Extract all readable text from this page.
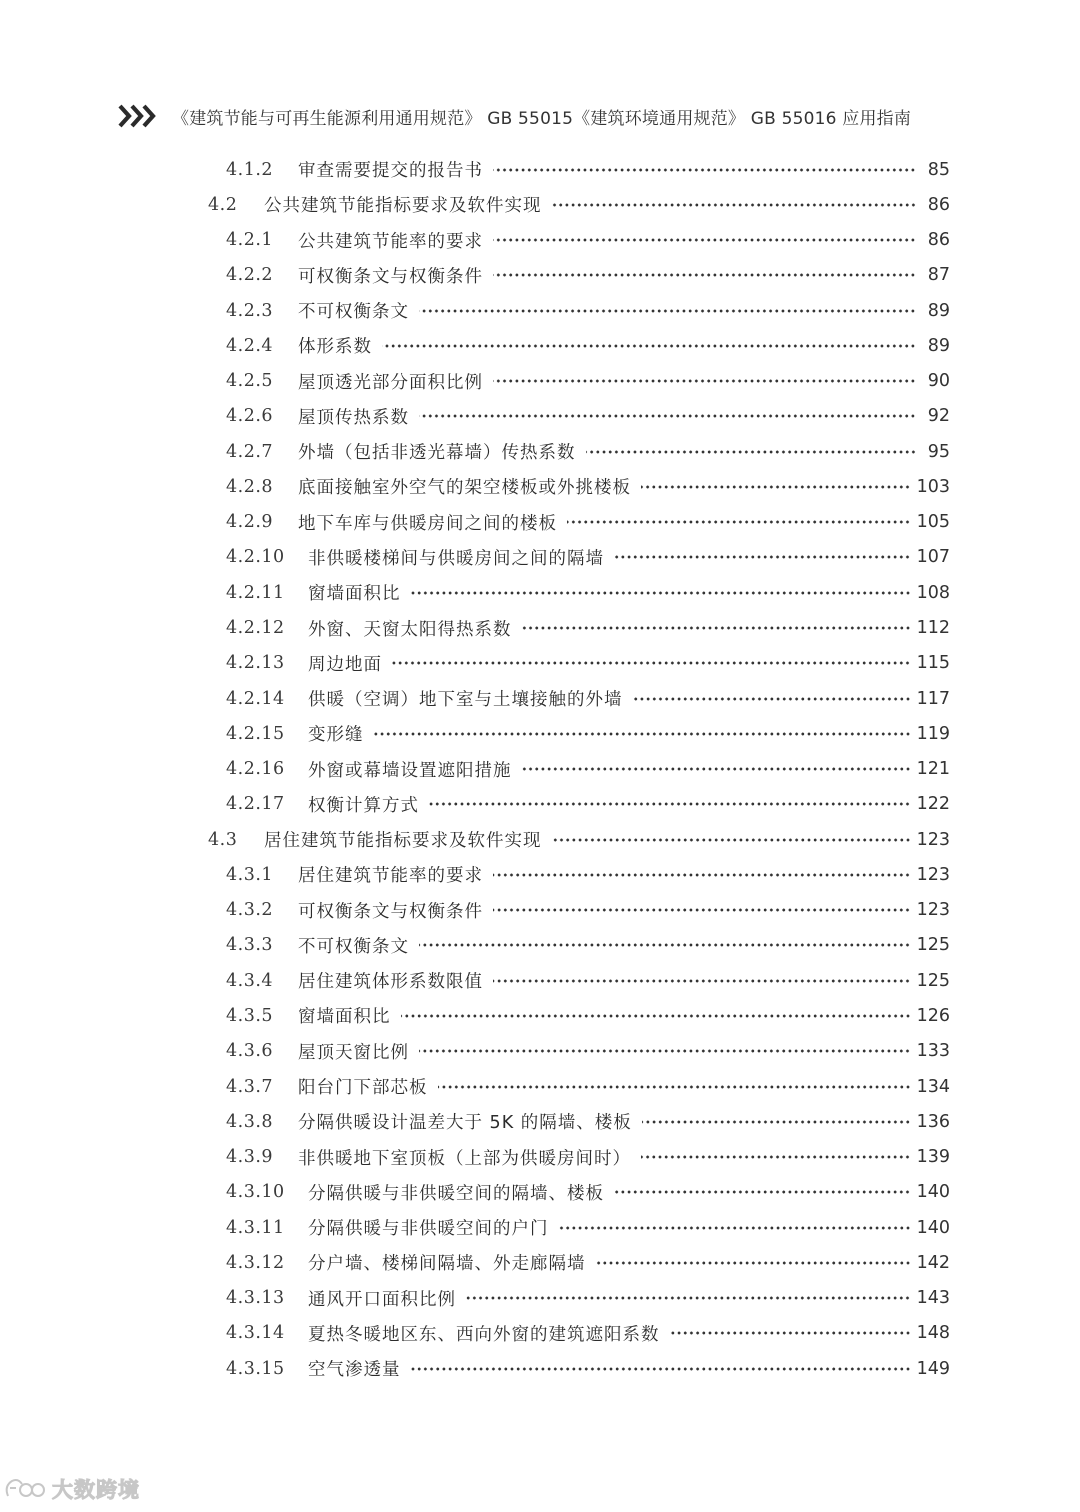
《建筑节能与可再生能源利用通用规范》 GB 55015《建筑环境通用规范》 GB 55016 应用指南
4.1.2	审查需要提交的报告书	85
4.2	公共建筑节能指标要求及软件实现	86
4.2.1	公共建筑节能率的要求	86
4.2.2	可权衡条文与权衡条件	87
4.2.3	不可权衡条文	89
4.2.4	体形系数	89
4.2.5	屋顶透光部分面积比例	90
4.2.6	屋顶传热系数	92
4.2.7	外墙（包括非透光幕墙）传热系数	95
4.2.8	底面接触室外空气的架空楼板或外挑楼板	103
4.2.9	地下车库与供暖房间之间的楼板	105
4.2.10	非供暖楼梯间与供暖房间之间的隔墙	107
4.2.11	窗墙面积比	108
4.2.12	外窗、天窗太阳得热系数	112
4.2.13	周边地面	115
4.2.14	供暖（空调）地下室与土壤接触的外墙	117
4.2.15	变形缝	119
4.2.16	外窗或幕墙设置遮阳措施	121
4.2.17	权衡计算方式	122
4.3	居住建筑节能指标要求及软件实现	123
4.3.1	居住建筑节能率的要求	123
4.3.2	可权衡条文与权衡条件	123
4.3.3	不可权衡条文	125
4.3.4	居住建筑体形系数限值	125
4.3.5	窗墙面积比	126
4.3.6	屋顶天窗比例	133
4.3.7	阳台门下部芯板	134
4.3.8	分隔供暖设计温差大于 5K 的隔墙、楼板	136
4.3.9	非供暖地下室顶板（上部为供暖房间时）	139
4.3.10	分隔供暖与非供暖空间的隔墙、楼板	140
4.3.11	分隔供暖与非供暖空间的户门	140
4.3.12	分户墙、楼梯间隔墙、外走廊隔墙	142
4.3.13	通风开口面积比例	143
4.3.14	夏热冬暖地区东、西向外窗的建筑遮阳系数	148
4.3.15	空气渗透量	149
大数跨境
